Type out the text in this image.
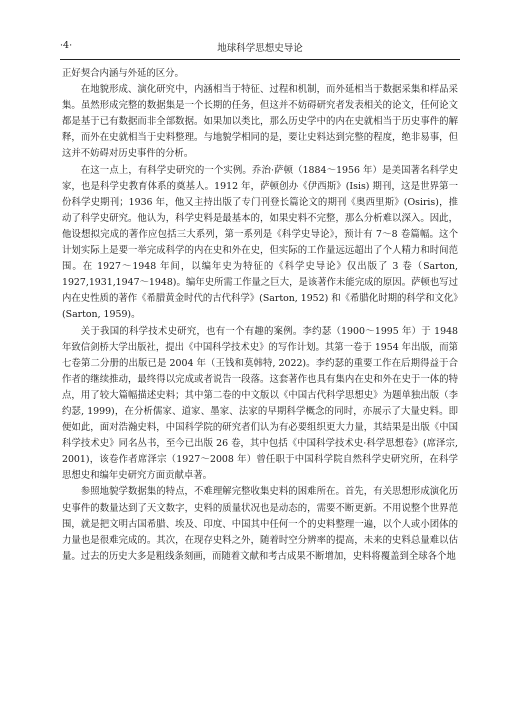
·4·	地球科学思想史导论

正好契合内涵与外延的区分。

在地貌形成、演化研究中，内涵相当于特征、过程和机制，而外延相当于数据采集和样品采集。虽然形成完整的数据集是一个长期的任务，但这并不妨碍研究者发表相关的论文，任何论文都是基于已有数据而非全部数据。如果加以类比，那么历史学中的内在史就相当于历史事件的解释，而外在史就相当于史料整理。与地貌学相同的是，要让史料达到完整的程度，绝非易事，但这并不妨碍对历史事件的分析。

在这一点上，有科学史研究的一个实例。乔治·萨顿（1884～1956 年）是美国著名科学史家，也是科学史教育体系的奠基人。1912 年，萨顿创办《伊西斯》(Isis) 期刊，这是世界第一份科学史期刊；1936 年，他又主持出版了专门刊登长篇论文的期刊《奥西里斯》(Osiris)，推动了科学史研究。他认为，科学史料是最基本的，如果史料不完整，那么分析难以深入。因此，他设想拟完成的著作应包括三大系列，第一系列是《科学史导论》，预计有 7～8 卷篇幅。这个计划实际上是要一举完成科学的内在史和外在史，但实际的工作量远远超出了个人精力和时间范围。在 1927～1948 年间，以编年史为特征的《科学史导论》仅出版了 3 卷（Sarton, 1927,1931,1947～1948)。编年史所需工作量之巨大，是该著作未能完成的原因。萨顿也写过内在史性质的著作《希腊黄金时代的古代科学》(Sarton, 1952) 和《希腊化时期的科学和文化》(Sarton, 1959)。

关于我国的科学技术史研究，也有一个有趣的案例。李约瑟（1900～1995 年）于 1948 年致信剑桥大学出版社，提出《中国科学技术史》的写作计划。其第一卷于 1954 年出版，而第七卷第二分册的出版已是 2004 年（王钱和莫韩特, 2022)。李约瑟的重要工作在后期得益于合作者的继续推动，最终得以完成或者说告一段落。这套著作也具有集内在史和外在史于一体的特点，用了较大篇幅描述史料；其中第二卷的中文版以《中国古代科学思想史》为题单独出版（李约瑟, 1999)，在分析儒家、道家、墨家、法家的早期科学概念的同时，亦展示了大量史料。即便如此，面对浩瀚史料，中国科学院的研究者们认为有必要组织更大力量，其结果是出版《中国科学技术史》同名丛书，至今已出版 26 卷，其中包括《中国科学技术史·科学思想卷》(席泽宗, 2001)，该卷作者席泽宗（1927～2008 年）曾任职于中国科学院自然科学史研究所，在科学思想史和编年史研究方面贡献卓著。

参照地貌学数据集的特点，不难理解完整收集史料的困难所在。首先，有关思想形成演化历史事件的数量达到了天文数字，史料的质量状况也是动态的，需要不断更新。不用说整个世界范围，就是把文明古国希腊、埃及、印度、中国其中任何一个的史料整理一遍，以个人或小团体的力量也是很难完成的。其次，在现存史料之外，随着时空分辨率的提高，未来的史料总量难以估量。过去的历史大多是粗线条刻画，而随着文献和考古成果不断增加，史料将覆盖到全球各个地
